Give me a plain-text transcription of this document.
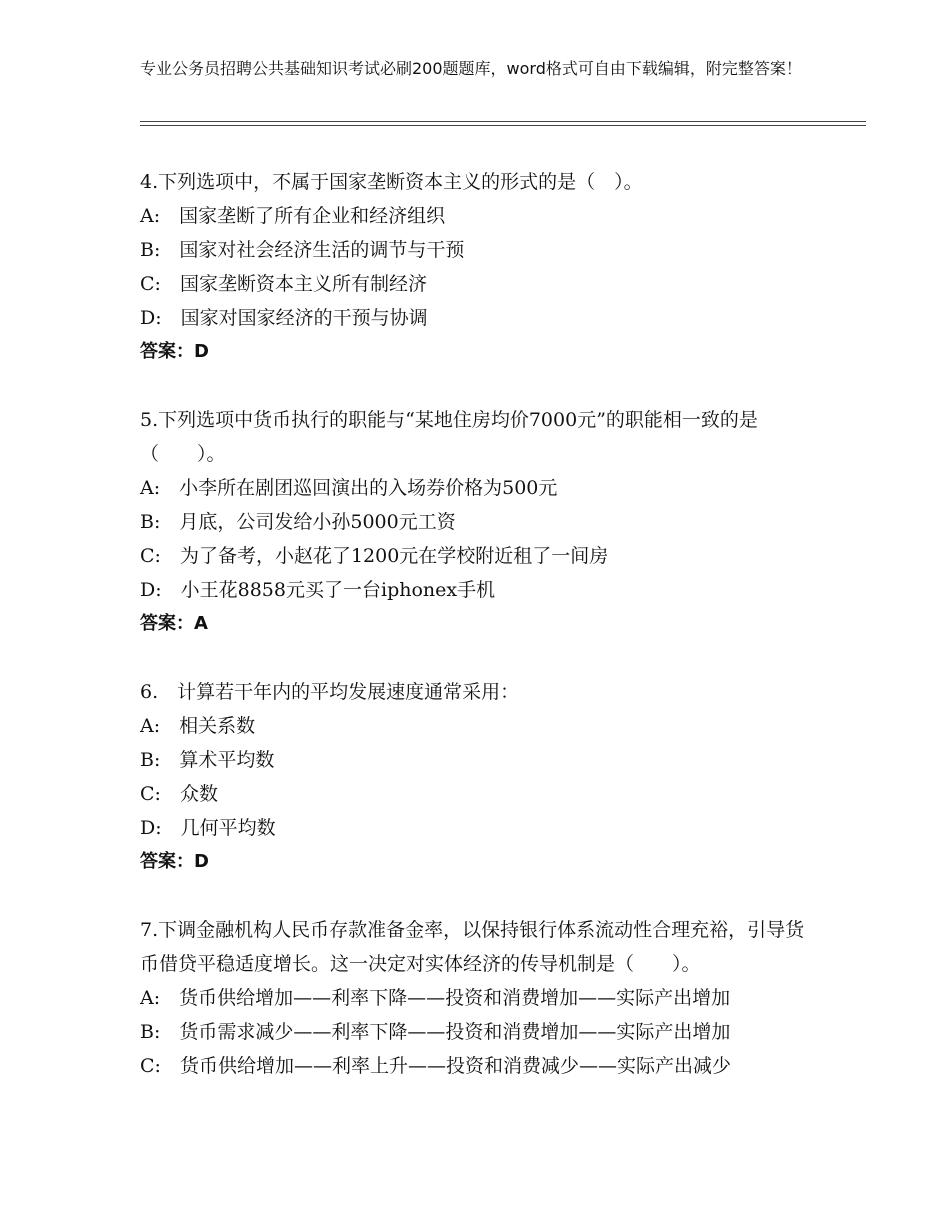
专业公务员招聘公共基础知识考试必刷200题题库，word格式可自由下载编辑，附完整答案！

4.下列选项中，不属于国家垄断资本主义的形式的是（　）。

A:　国家垄断了所有企业和经济组织

B:　国家对社会经济生活的调节与干预

C:　国家垄断资本主义所有制经济

D:　国家对国家经济的干预与协调

答案：D

5.下列选项中货币执行的职能与“某地住房均价7000元”的职能相一致的是（　　）。

A:　小李所在剧团巡回演出的入场券价格为500元

B:　月底，公司发给小孙5000元工资

C:　为了备考，小赵花了1200元在学校附近租了一间房

D:　小王花8858元买了一台iphonex手机

答案：A

6.　计算若干年内的平均发展速度通常采用：

A:　相关系数

B:　算术平均数

C:　众数

D:　几何平均数

答案：D

7.下调金融机构人民币存款准备金率，以保持银行体系流动性合理充裕，引导货币借贷平稳适度增长。这一决定对实体经济的传导机制是（　　）。

A:　货币供给增加——利率下降——投资和消费增加——实际产出增加

B:　货币需求减少——利率下降——投资和消费增加——实际产出增加

C:　货币供给增加——利率上升——投资和消费减少——实际产出减少
